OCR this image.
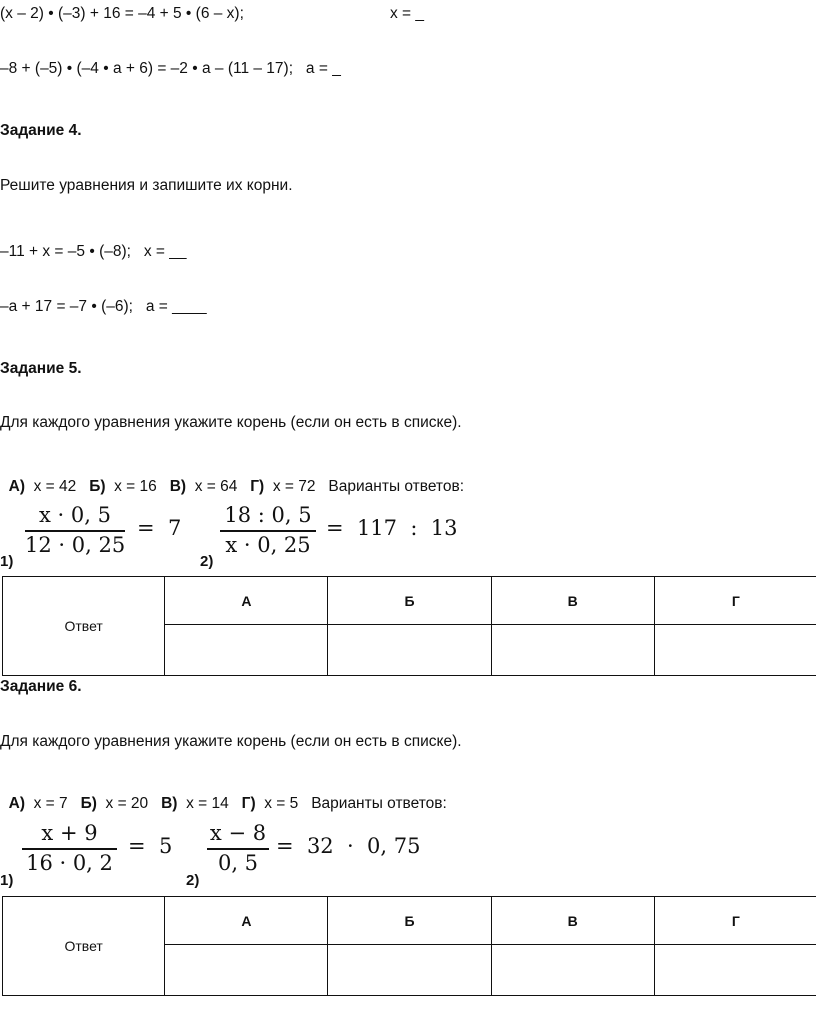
(x – 2) • (–3) + 16 = –4 + 5 • (6 – x);	x = _
–8 + (–5) • (–4 • a + 6) = –2 • a – (11 – 17);   a = _
Задание 4.
Решите уравнения и запишите их корни.
–11 + x = –5 • (–8);   x = __
–a + 17 = –7 • (–6);   a = ____
Задание 5.
Для каждого уравнения укажите корень (если он есть в списке).

А) x = 42 Б) x = 16 В) x = 64 Г) x = 72 Варианты ответов:

x · 0, 5
12 · 0, 25
=  7
1)
18 : 0, 5
x · 0, 25
=  117  :  13
2)
Ответ	А	Б	В	Г

Задание 6.
Для каждого уравнения укажите корень (если он есть в списке).

А) x = 7 Б) x = 20 В) x = 14 Г) x = 5 Варианты ответов:

x + 9
16 · 0, 2
=  5
1)
x − 8
0, 5
=  32  ·  0, 75
2)
Ответ	А	Б	В	Г
